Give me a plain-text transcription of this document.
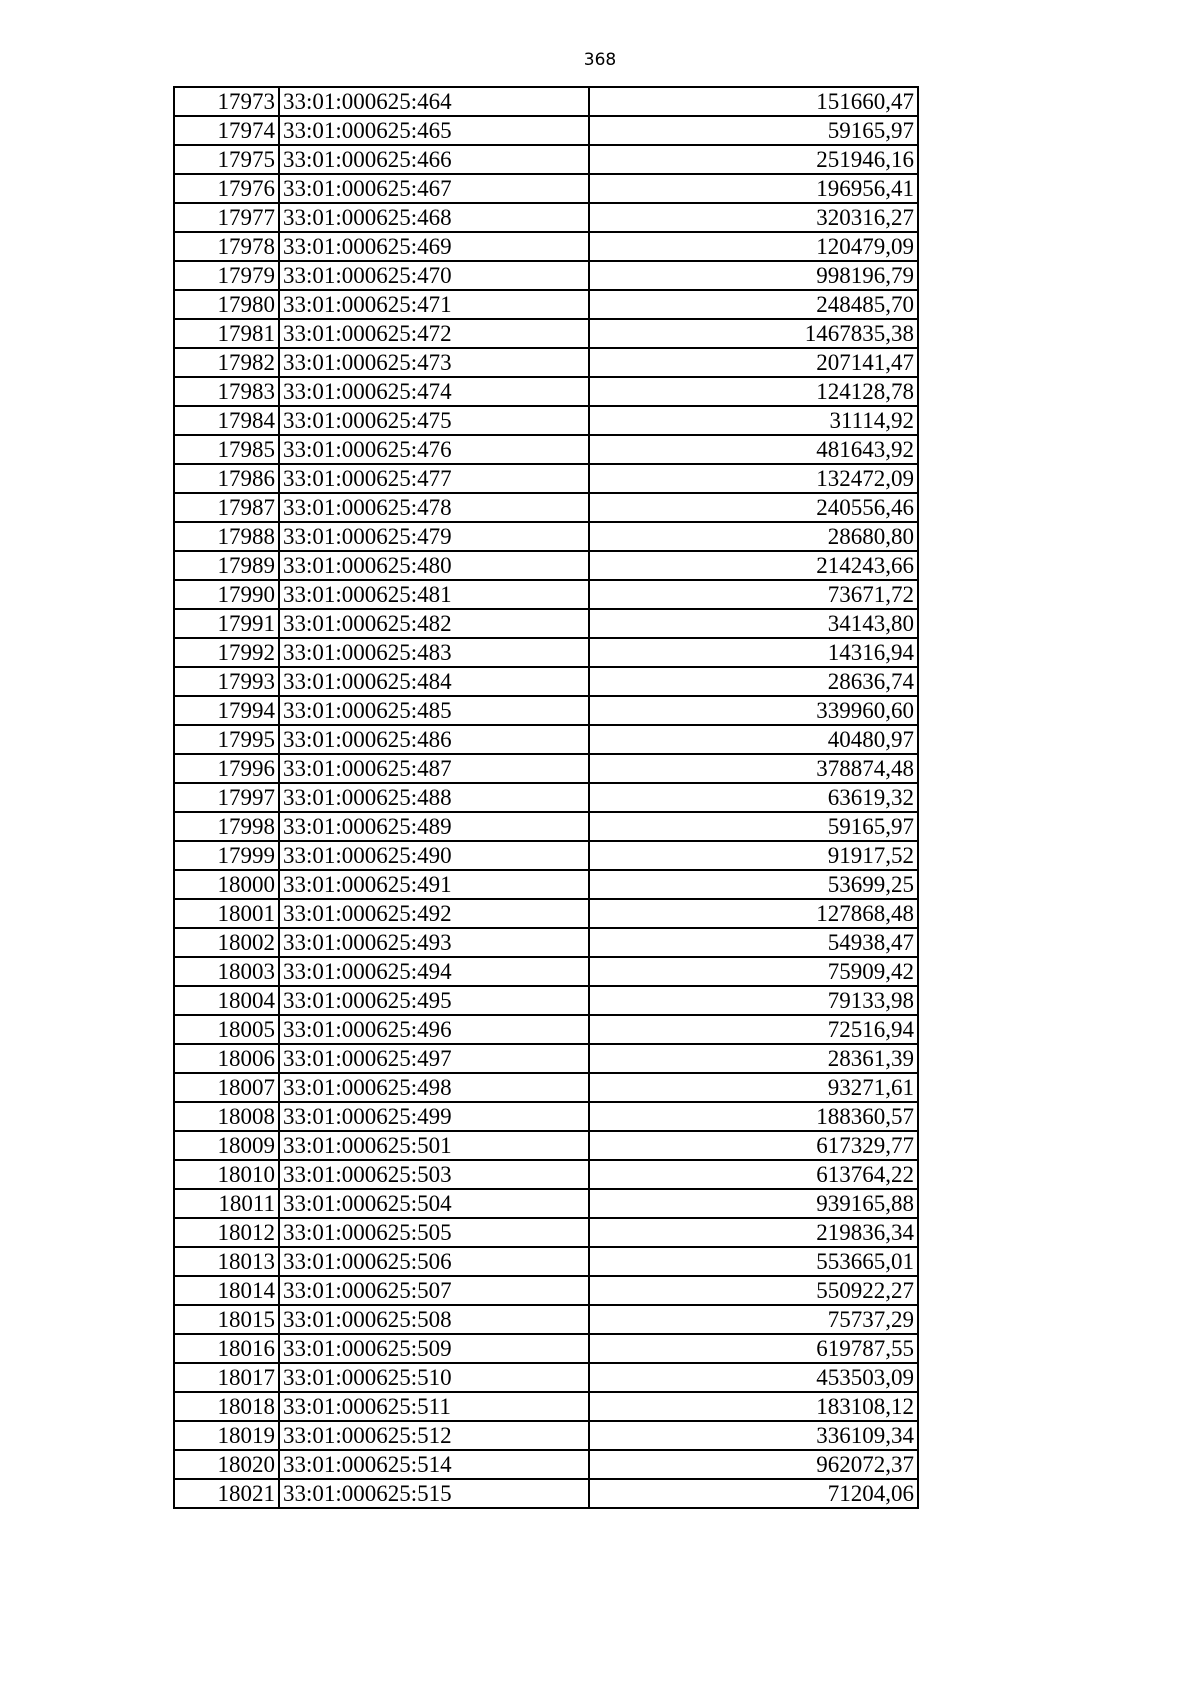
368
17973	33:01:000625:464	151660,47
17974	33:01:000625:465	59165,97
17975	33:01:000625:466	251946,16
17976	33:01:000625:467	196956,41
17977	33:01:000625:468	320316,27
17978	33:01:000625:469	120479,09
17979	33:01:000625:470	998196,79
17980	33:01:000625:471	248485,70
17981	33:01:000625:472	1467835,38
17982	33:01:000625:473	207141,47
17983	33:01:000625:474	124128,78
17984	33:01:000625:475	31114,92
17985	33:01:000625:476	481643,92
17986	33:01:000625:477	132472,09
17987	33:01:000625:478	240556,46
17988	33:01:000625:479	28680,80
17989	33:01:000625:480	214243,66
17990	33:01:000625:481	73671,72
17991	33:01:000625:482	34143,80
17992	33:01:000625:483	14316,94
17993	33:01:000625:484	28636,74
17994	33:01:000625:485	339960,60
17995	33:01:000625:486	40480,97
17996	33:01:000625:487	378874,48
17997	33:01:000625:488	63619,32
17998	33:01:000625:489	59165,97
17999	33:01:000625:490	91917,52
18000	33:01:000625:491	53699,25
18001	33:01:000625:492	127868,48
18002	33:01:000625:493	54938,47
18003	33:01:000625:494	75909,42
18004	33:01:000625:495	79133,98
18005	33:01:000625:496	72516,94
18006	33:01:000625:497	28361,39
18007	33:01:000625:498	93271,61
18008	33:01:000625:499	188360,57
18009	33:01:000625:501	617329,77
18010	33:01:000625:503	613764,22
18011	33:01:000625:504	939165,88
18012	33:01:000625:505	219836,34
18013	33:01:000625:506	553665,01
18014	33:01:000625:507	550922,27
18015	33:01:000625:508	75737,29
18016	33:01:000625:509	619787,55
18017	33:01:000625:510	453503,09
18018	33:01:000625:511	183108,12
18019	33:01:000625:512	336109,34
18020	33:01:000625:514	962072,37
18021	33:01:000625:515	71204,06
